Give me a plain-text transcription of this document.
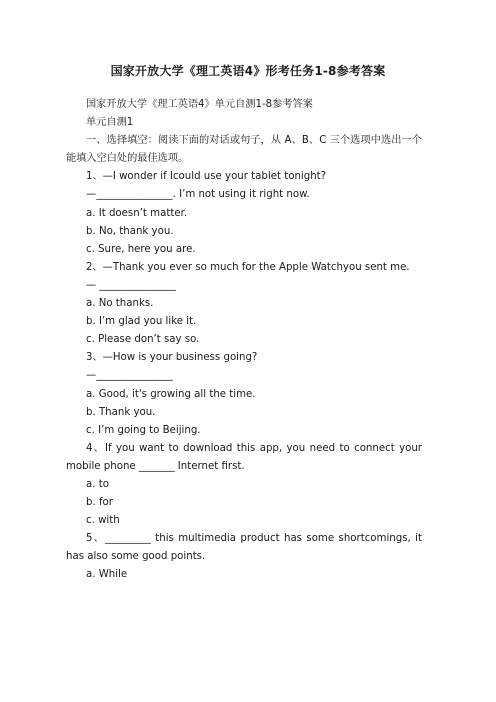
国家开放大学《理工英语4》形考任务1-8参考答案

国家开放大学《理工英语4》单元自测1-8参考答案

单元自测1

一、选择填空：阅读下面的对话或句子，从 A、B、C 三个选项中选出一个能填入空白处的最佳选项。

1、—I wonder if Icould use your tablet tonight?

—_______________. I’m not using it right now.

a. It doesn’t matter.

b. No, thank you.

c. Sure, here you are.

2、—Thank you ever so much for the Apple Watchyou sent me.

— _______________

a. No thanks.

b. I’m glad you like it.

c. Please don’t say so.

3、—How is your business going?

—_______________

a. Good, it's growing all the time.

b. Thank you.

c. I’m going to Beijing.

4、If you want to download this app, you need to connect your mobile phone _______ Internet first.

a. to

b. for

c. with

5、_________ this multimedia product has some shortcomings, it has also some good points.

a. While
